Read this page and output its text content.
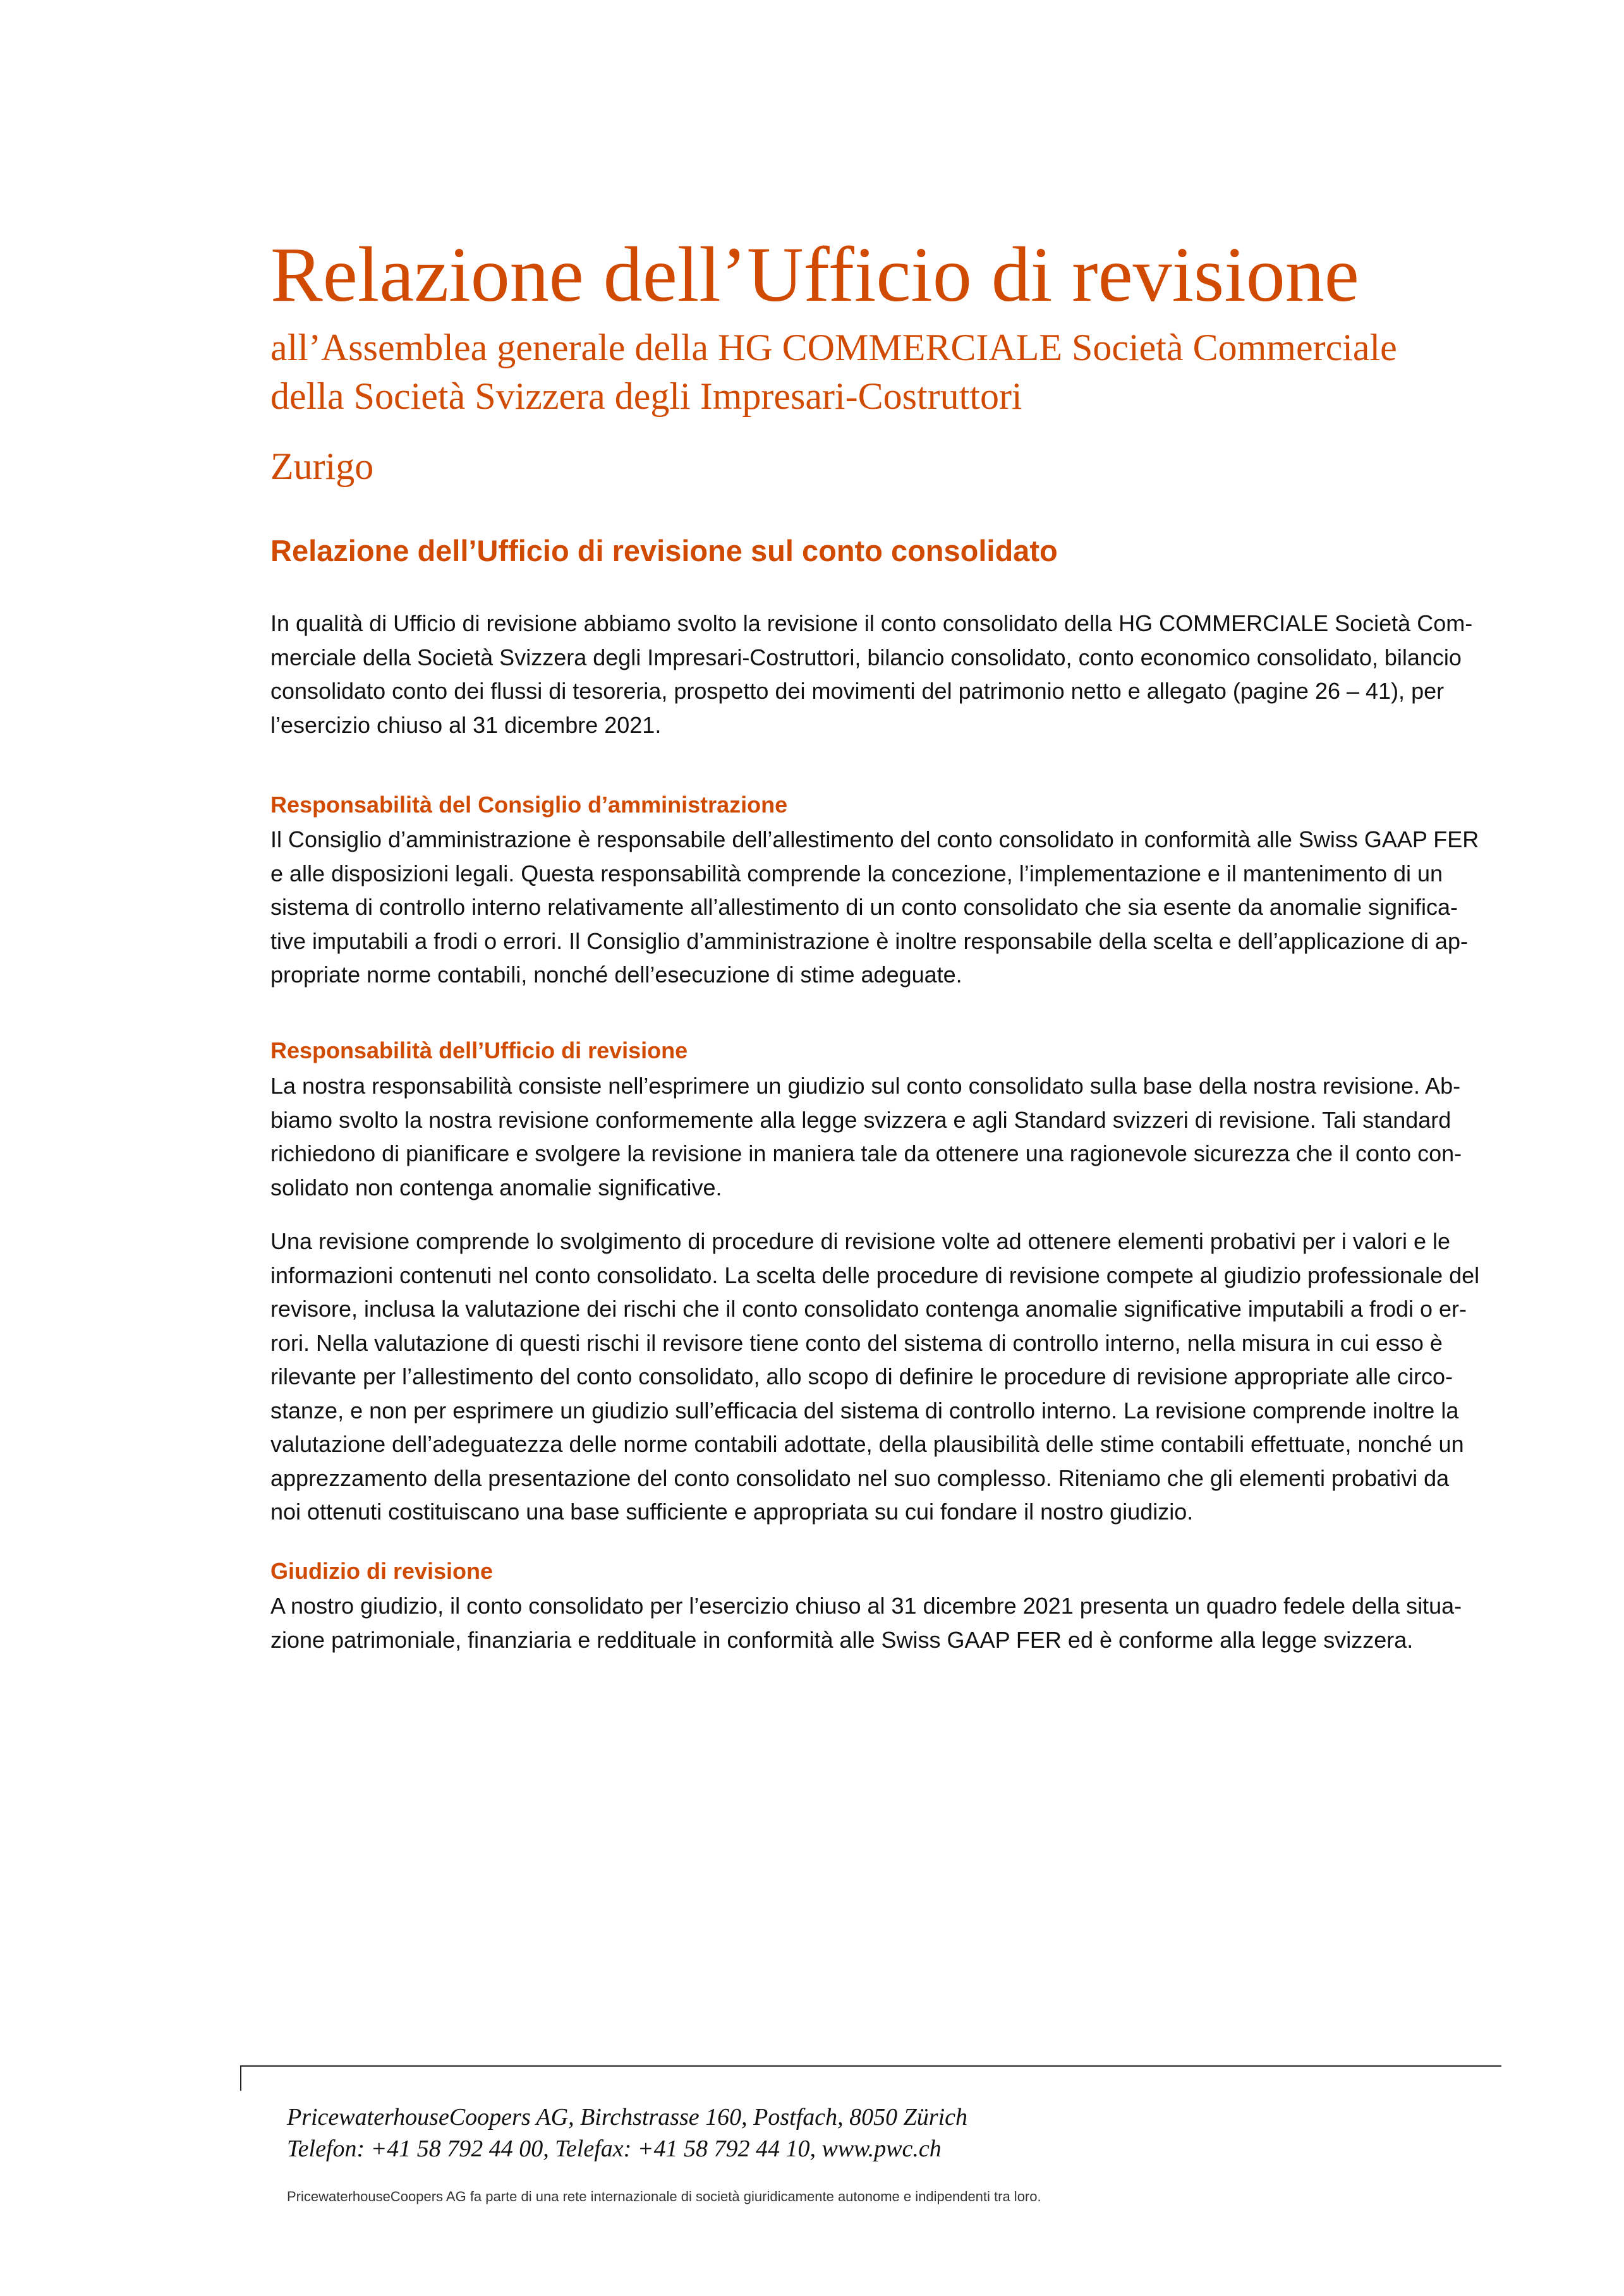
Relazione dell’Ufficio di revisione
all’Assemblea generale della HG COMMERCIALE Società Commerciale
della Società Svizzera degli Impresari-Costruttori
Zurigo
Relazione dell’Ufficio di revisione sul conto consolidato

In qualità di Ufficio di revisione abbiamo svolto la revisione il conto consolidato della HG COMMERCIALE Società Com-
merciale della Società Svizzera degli Impresari-Costruttori, bilancio consolidato, conto economico consolidato, bilancio
consolidato conto dei flussi di tesoreria, prospetto dei movimenti del patrimonio netto e allegato (pagine 26 – 41), per
l’esercizio chiuso al 31 dicembre 2021.

Responsabilità del Consiglio d’amministrazione

Il Consiglio d’amministrazione è responsabile dell’allestimento del conto consolidato in conformità alle Swiss GAAP FER
e alle disposizioni legali. Questa responsabilità comprende la concezione, l’implementazione e il mantenimento di un
sistema di controllo interno relativamente all’allestimento di un conto consolidato che sia esente da anomalie significa-
tive imputabili a frodi o errori. Il Consiglio d’amministrazione è inoltre responsabile della scelta e dell’applicazione di ap-
propriate norme contabili, nonché dell’esecuzione di stime adeguate.

Responsabilità dell’Ufficio di revisione

La nostra responsabilità consiste nell’esprimere un giudizio sul conto consolidato sulla base della nostra revisione. Ab-
biamo svolto la nostra revisione conformemente alla legge svizzera e agli Standard svizzeri di revisione. Tali standard
richiedono di pianificare e svolgere la revisione in maniera tale da ottenere una ragionevole sicurezza che il conto con-
solidato non contenga anomalie significative.

Una revisione comprende lo svolgimento di procedure di revisione volte ad ottenere elementi probativi per i valori e le
informazioni contenuti nel conto consolidato. La scelta delle procedure di revisione compete al giudizio professionale del
revisore, inclusa la valutazione dei rischi che il conto consolidato contenga anomalie significative imputabili a frodi o er-
rori. Nella valutazione di questi rischi il revisore tiene conto del sistema di controllo interno, nella misura in cui esso è
rilevante per l’allestimento del conto consolidato, allo scopo di definire le procedure di revisione appropriate alle circo-
stanze, e non per esprimere un giudizio sull’efficacia del sistema di controllo interno. La revisione comprende inoltre la
valutazione dell’adeguatezza delle norme contabili adottate, della plausibilità delle stime contabili effettuate, nonché un
apprezzamento della presentazione del conto consolidato nel suo complesso. Riteniamo che gli elementi probativi da
noi ottenuti costituiscano una base sufficiente e appropriata su cui fondare il nostro giudizio.

Giudizio di revisione

A nostro giudizio, il conto consolidato per l’esercizio chiuso al 31 dicembre 2021 presenta un quadro fedele della situa-
zione patrimoniale, finanziaria e reddituale in conformità alle Swiss GAAP FER ed è conforme alla legge svizzera.

PricewaterhouseCoopers AG, Birchstrasse 160, Postfach, 8050 Zürich
Telefon: +41 58 792 44 00, Telefax: +41 58 792 44 10, www.pwc.ch

PricewaterhouseCoopers AG fa parte di una rete internazionale di società giuridicamente autonome e indipendenti tra loro.
